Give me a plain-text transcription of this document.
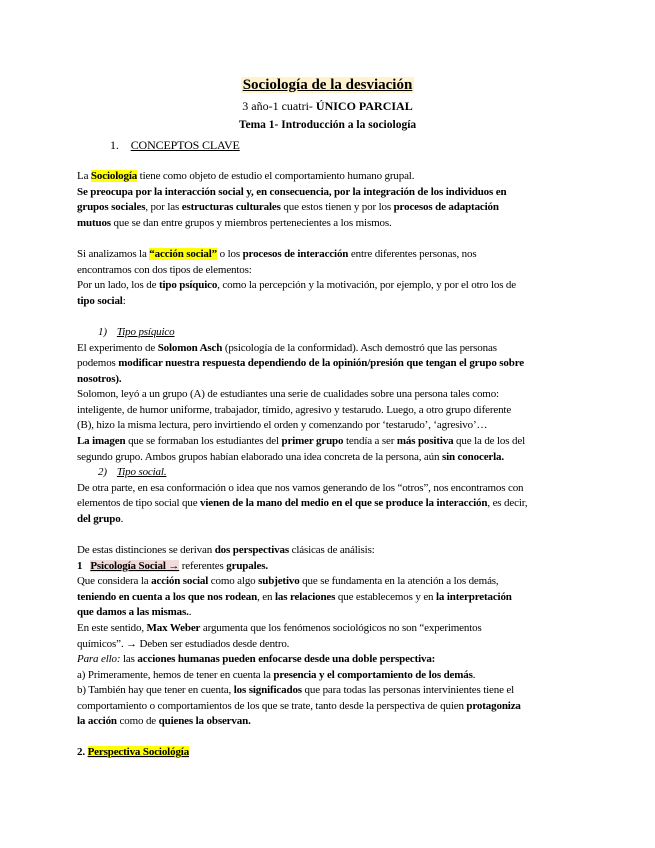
Sociología de la desviación
3 año-1 cuatri- ÚNICO PARCIAL
Tema 1- Introducción a la sociología
1. CONCEPTOS CLAVE
La Sociología tiene como objeto de estudio el comportamiento humano grupal.
Se preocupa por la interacción social y, en consecuencia, por la integración de los individuos en
grupos sociales, por las estructuras culturales que estos tienen y por los procesos de adaptación
mutuos que se dan entre grupos y miembros pertenecientes a los mismos.
Si analizamos la “acción social” o los procesos de interacción entre diferentes personas, nos
encontramos con dos tipos de elementos:
Por un lado, los de tipo psíquico, como la percepción y la motivación, por ejemplo, y por el otro los de
tipo social:
1) Tipo psíquico
El experimento de Solomon Asch (psicología de la conformidad). Asch demostró que las personas
podemos modificar nuestra respuesta dependiendo de la opinión/presión que tengan el grupo sobre
nosotros).
Solomon, leyó a un grupo (A) de estudiantes una serie de cualidades sobre una persona tales como:
inteligente, de humor uniforme, trabajador, tímido, agresivo y testarudo. Luego, a otro grupo diferente
(B), hizo la misma lectura, pero invirtiendo el orden y comenzando por ‘testarudo’, ‘agresivo’…
La imagen que se formaban los estudiantes del primer grupo tendía a ser más positiva que la de los del
segundo grupo. Ambos grupos habían elaborado una idea concreta de la persona, aún sin conocerla.
2) Tipo social.
De otra parte, en esa conformación o idea que nos vamos generando de los “otros”, nos encontramos con
elementos de tipo social que vienen de la mano del medio en el que se produce la interacción, es decir,
del grupo.
De estas distinciones se derivan dos perspectivas clásicas de análisis:
1 Psicología Social → referentes grupales.
Que considera la acción social como algo subjetivo que se fundamenta en la atención a los demás,
teniendo en cuenta a los que nos rodean, en las relaciones que establecemos y en la interpretación
que damos a las mismas..
En este sentido, Max Weber argumenta que los fenómenos sociológicos no son “experimentos
químicos”. → Deben ser estudiados desde dentro.
Para ello: las acciones humanas pueden enfocarse desde una doble perspectiva:
a) Primeramente, hemos de tener en cuenta la presencia y el comportamiento de los demás.
b) También hay que tener en cuenta, los significados que para todas las personas intervinientes tiene el
comportamiento o comportamientos de los que se trate, tanto desde la perspectiva de quien protagoniza
la acción como de quienes la observan.
2. Perspectiva Sociológía
